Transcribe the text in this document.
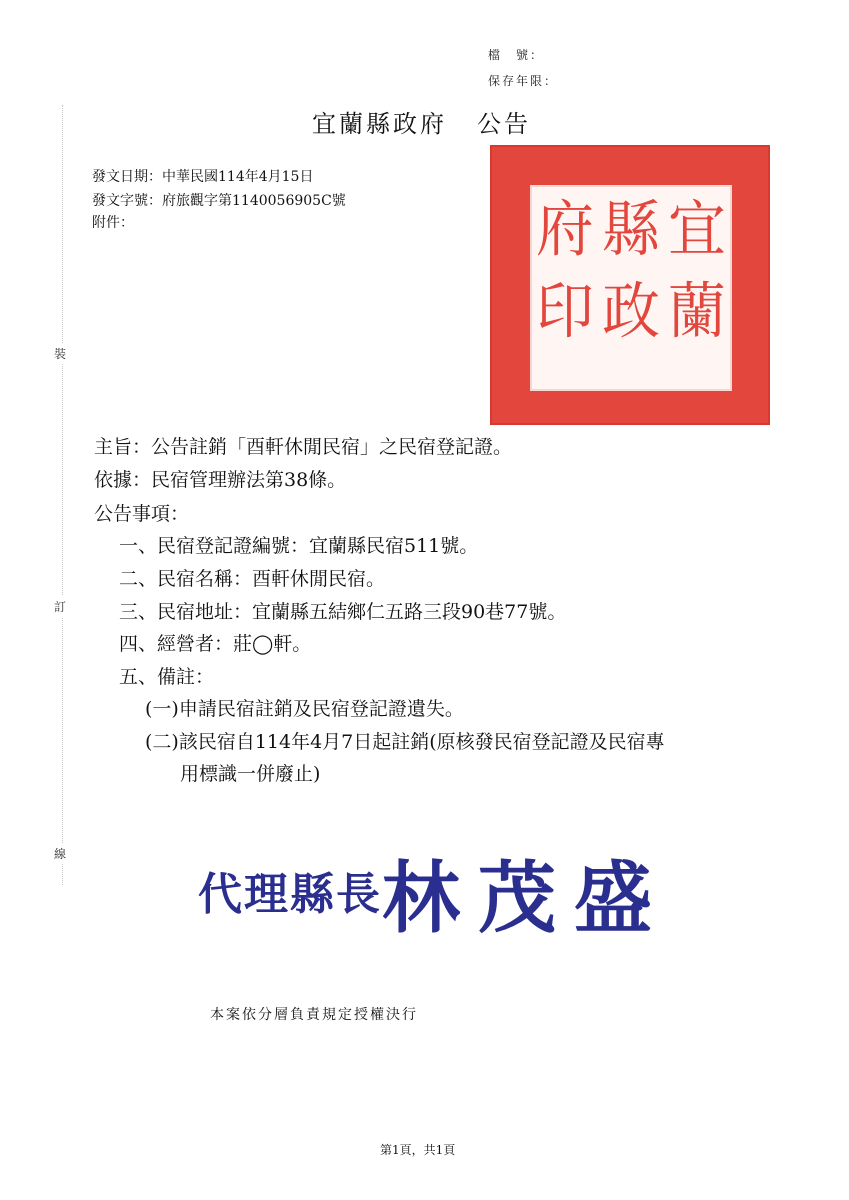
裝
訂
線
檔　號：
保存年限：
宜蘭縣政府 公告
發文日期：中華民國114年4月15日
發文字號：府旅觀字第1140056905C號
附件：	宜
蘭
縣
政
府
印
主旨：公告註銷「酉軒休閒民宿」之民宿登記證。
依據：民宿管理辦法第38條。
公告事項：
一、民宿登記證編號：宜蘭縣民宿511號。
二、民宿名稱：酉軒休閒民宿。
三、民宿地址：宜蘭縣五結鄉仁五路三段90巷77號。
四、經營者：莊◯軒。
五、備註：
(一)申請民宿註銷及民宿登記證遺失。
(二)該民宿自114年4月7日起註銷(原核發民宿登記證及民宿專
用標識一併廢止)
代理縣長 林茂盛
本案依分層負責規定授權決行
第1頁，共1頁
